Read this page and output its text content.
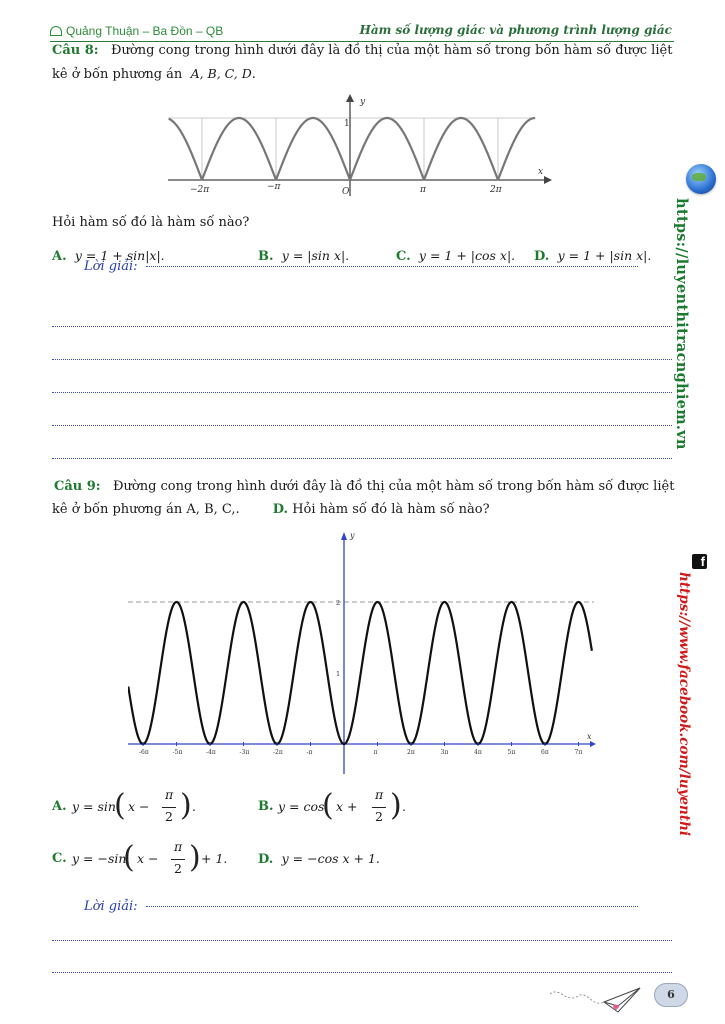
Quảng Thuận – Ba Đồn – QB	Hàm số lượng giác và phương trình lượng giác
Câu 8: Đường cong trong hình dưới đây là đồ thị của một hàm số trong bốn hàm số được liệt
kê ở bốn phương án A, B, C, D.
x
y
1
−2π	−π	O	π	2π
Hỏi hàm số đó là hàm số nào?
A. y = 1 + sin|x|.	B. y = |sin x|.	C. y = 1 + |cos x|. D. y = 1 + |sin x|.
Lời giải:
Câu 9: Đường cong trong hình dưới đây là đồ thị của một hàm số trong bốn hàm số được liệt
kê ở bốn phương án A, B, C,.	D. Hỏi hàm số đó là hàm số nào?
-6π	-5π	-4π	-3π	-2π	-π	π	2π	3π	4π	5π	6π	7π
x
y
2
1
A. y = sin
( x −
π
2 ) .	B. y = cos
( x +
π
2 ) .
C. y = −sin
( x −
π
2 ) + 1. D. y = −cos x + 1.
Lời giải:
https://luyenthitracnghiem.vn
f
https://www.facebook.com/luyenthi
6
